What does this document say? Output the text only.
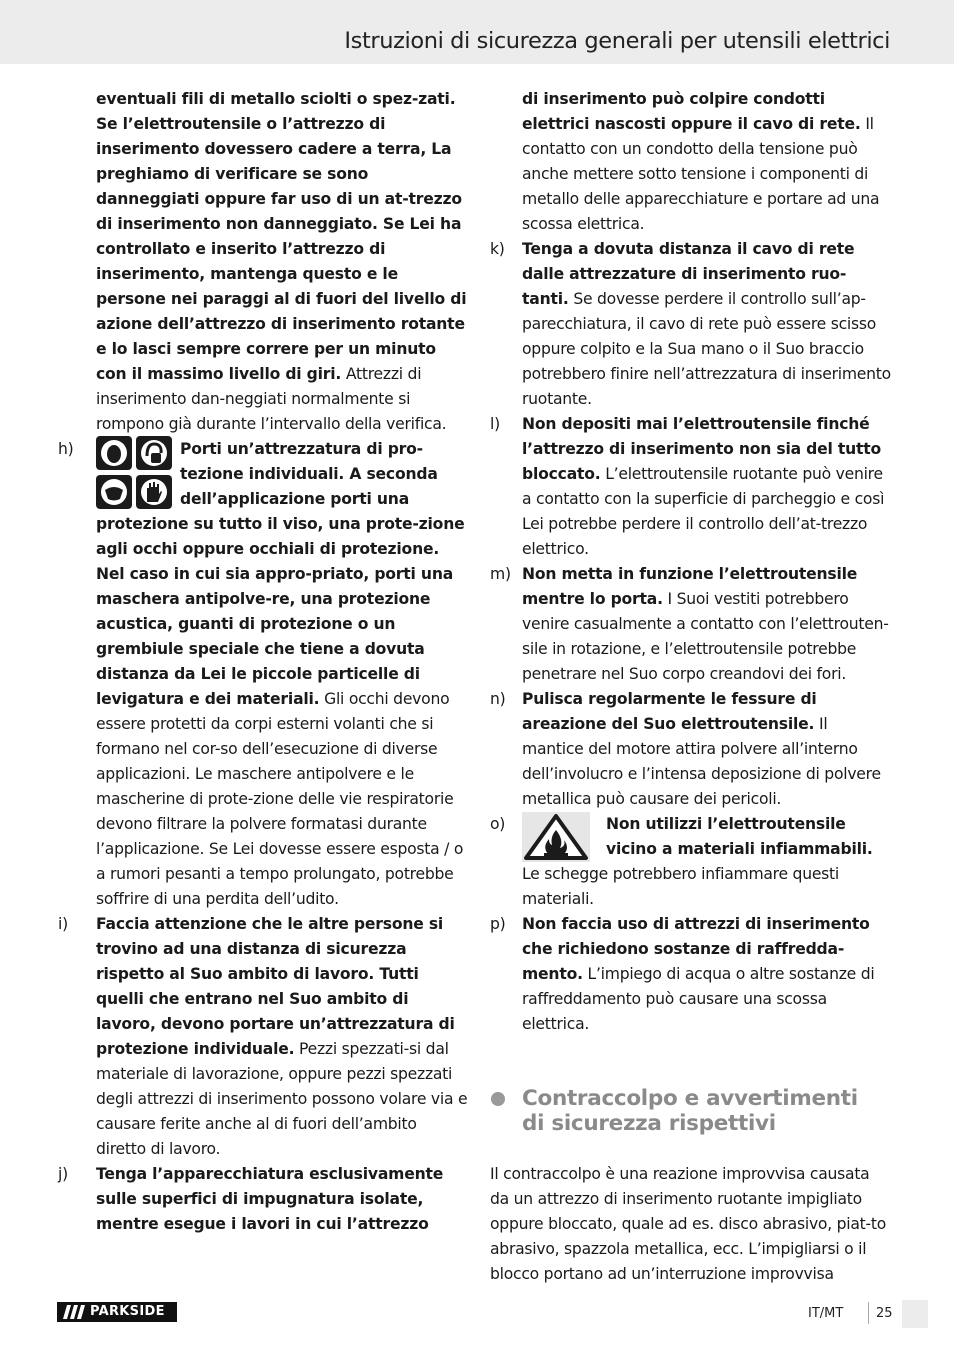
Istruzioni di sicurezza generali per utensili elettrici

eventuali fili di metallo sciolti o spez-zati. Se l’elettroutensile o l’attrezzo di inserimento dovessero cadere a terra, La preghiamo di verificare se sono danneggiati oppure far uso di un at-trezzo di inserimento non danneggiato. Se Lei ha controllato e inserito l’attrezzo di inserimento, mantenga questo e le persone nei paraggi al di fuori del livello di azione dell’attrezzo di inserimento rotante e lo lasci sempre correre per un minuto con il massimo livello di giri. Attrezzi di inserimento dan-neggiati normalmente si rompono già durante l’intervallo della verifica.

h)	Porti un’attrezzatura di pro-tezione individuali. A seconda dell’applicazione porti una protezione su tutto il viso, una prote-zione agli occhi oppure occhiali di protezione. Nel caso in cui sia appro-priato, porti una maschera antipolve-re, una protezione acustica, guanti di protezione o un grembiule speciale che tiene a dovuta distanza da Lei le piccole particelle di levigatura e dei materiali. Gli occhi devono essere protetti da corpi esterni volanti che si formano nel cor-so dell’esecuzione di diverse applicazioni. Le maschere antipolvere e le mascherine di prote-zione delle vie respiratorie devono filtrare la polvere formatasi durante l’applicazione. Se Lei dovesse essere esposta / o a rumori pesanti a tempo prolungato, potrebbe soffrire di una perdita dell’udito.

i) Faccia attenzione che le altre persone si trovino ad una distanza di sicurezza rispetto al Suo ambito di lavoro. Tutti quelli che entrano nel Suo ambito di lavoro, devono portare un’attrezzatura di protezione individuale. Pezzi spezzati-si dal materiale di lavorazione, oppure pezzi spezzati degli attrezzi di inserimento possono volare via e causare ferite anche al di fuori dell’ambito diretto di lavoro.

j) Tenga l’apparecchiatura esclusivamente sulle superfici di impugnatura isolate, mentre esegue i lavori in cui l’attrezzo

di inserimento può colpire condotti elettrici nascosti oppure il cavo di rete. Il contatto con un condotto della tensione può anche mettere sotto tensione i componenti di metallo delle apparecchiature e portare ad una scossa elettrica.

k) Tenga a dovuta distanza il cavo di rete dalle attrezzature di inserimento ruo-tanti. Se dovesse perdere il controllo sull’ap-parecchiatura, il cavo di rete può essere scisso oppure colpito e la Sua mano o il Suo braccio potrebbero finire nell’attrezzatura di inserimento ruotante.

l) Non depositi mai l’elettroutensile finché l’attrezzo di inserimento non sia del tutto bloccato. L’elettroutensile ruotante può venire a contatto con la superficie di parcheggio e così Lei potrebbe perdere il controllo dell’at-trezzo elettrico.

m) Non metta in funzione l’elettroutensile mentre lo porta. I Suoi vestiti potrebbero venire casualmente a contatto con l’elettrouten-sile in rotazione, e l’elettroutensile potrebbe penetrare nel Suo corpo creandovi dei fori.

n) Pulisca regolarmente le fessure di areazione del Suo elettroutensile. Il mantice del motore attira polvere all’interno dell’involucro e l’intensa deposizione di polvere metallica può causare dei pericoli.

o)	Non utilizzi l’elettroutensile vicino a materiali infiammabili. Le schegge potrebbero infiammare questi materiali.

p) Non faccia uso di attrezzi di inserimento che richiedono sostanze di raffredda-mento. L’impiego di acqua o altre sostanze di raffreddamento può causare una scossa elettrica.

Contraccolpo e avvertimenti
di sicurezza rispettivi
Il contraccolpo è una reazione improvvisa causata da un attrezzo di inserimento ruotante impigliato oppure bloccato, quale ad es. disco abrasivo, piat-to abrasivo, spazzola metallica, ecc. L’impigliarsi o il blocco portano ad un’interruzione improvvisa
PARKSIDE	IT/MT	25
